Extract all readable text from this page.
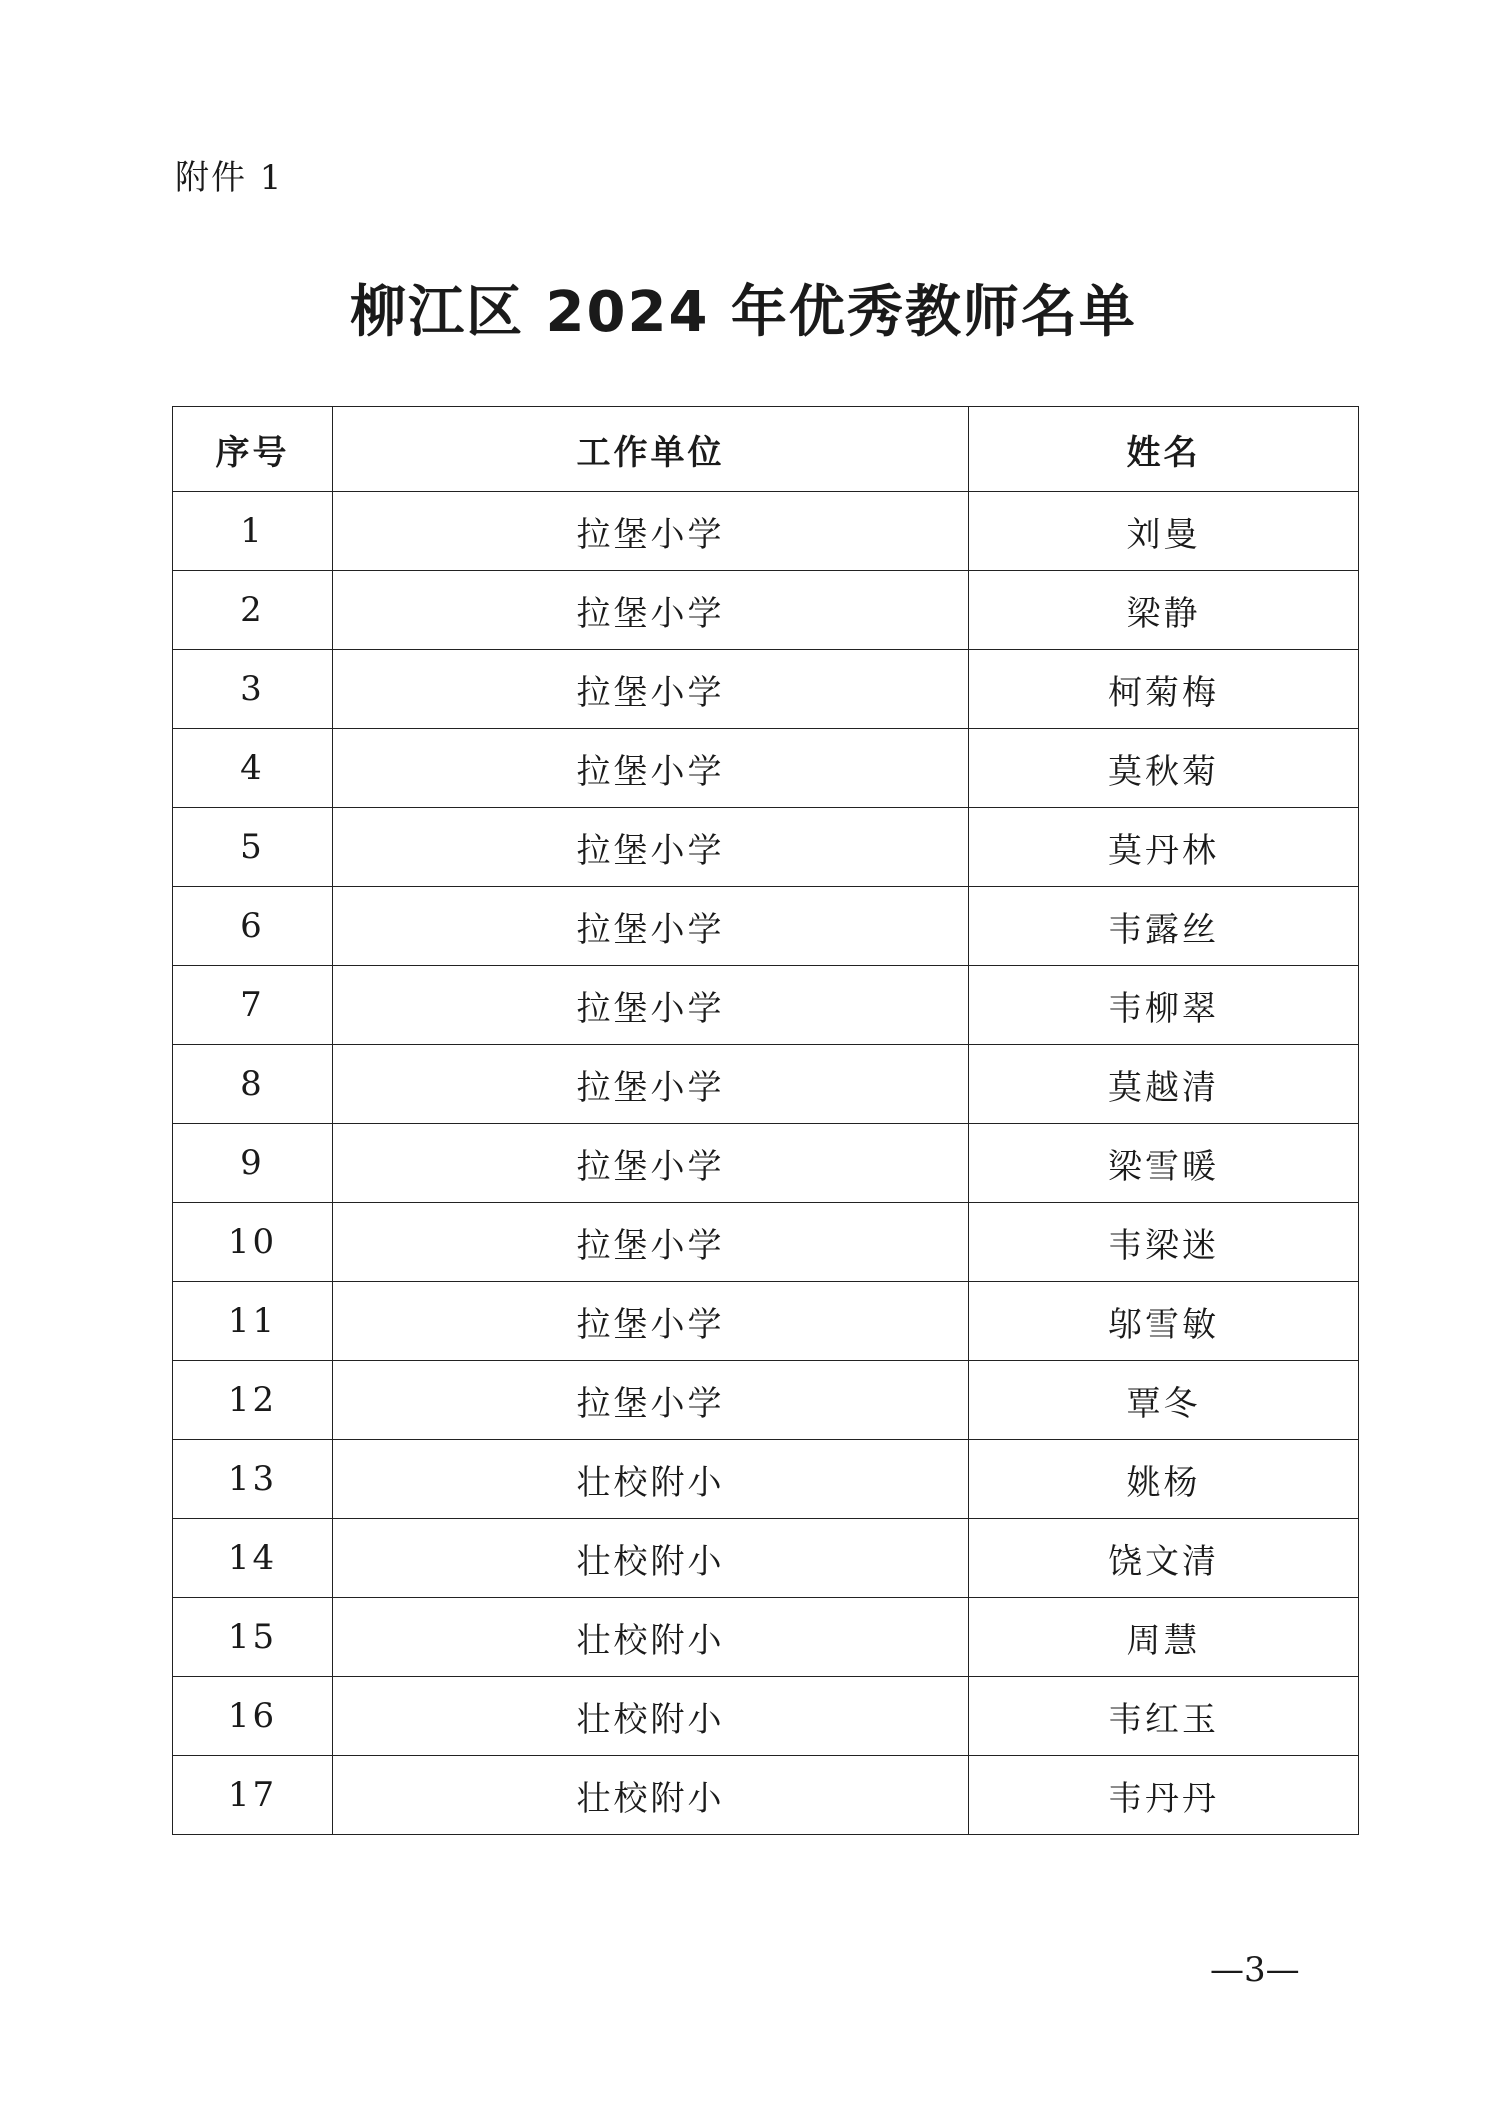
附件 1
柳江区 2024 年优秀教师名单
序号	工作单位	姓名
1	拉堡小学	刘曼
2	拉堡小学	梁静
3	拉堡小学	柯菊梅
4	拉堡小学	莫秋菊
5	拉堡小学	莫丹林
6	拉堡小学	韦露丝
7	拉堡小学	韦柳翠
8	拉堡小学	莫越清
9	拉堡小学	梁雪暖
10	拉堡小学	韦梁迷
11	拉堡小学	邬雪敏
12	拉堡小学	覃冬
13	壮校附小	姚杨
14	壮校附小	饶文清
15	壮校附小	周慧
16	壮校附小	韦红玉
17	壮校附小	韦丹丹
—3—
